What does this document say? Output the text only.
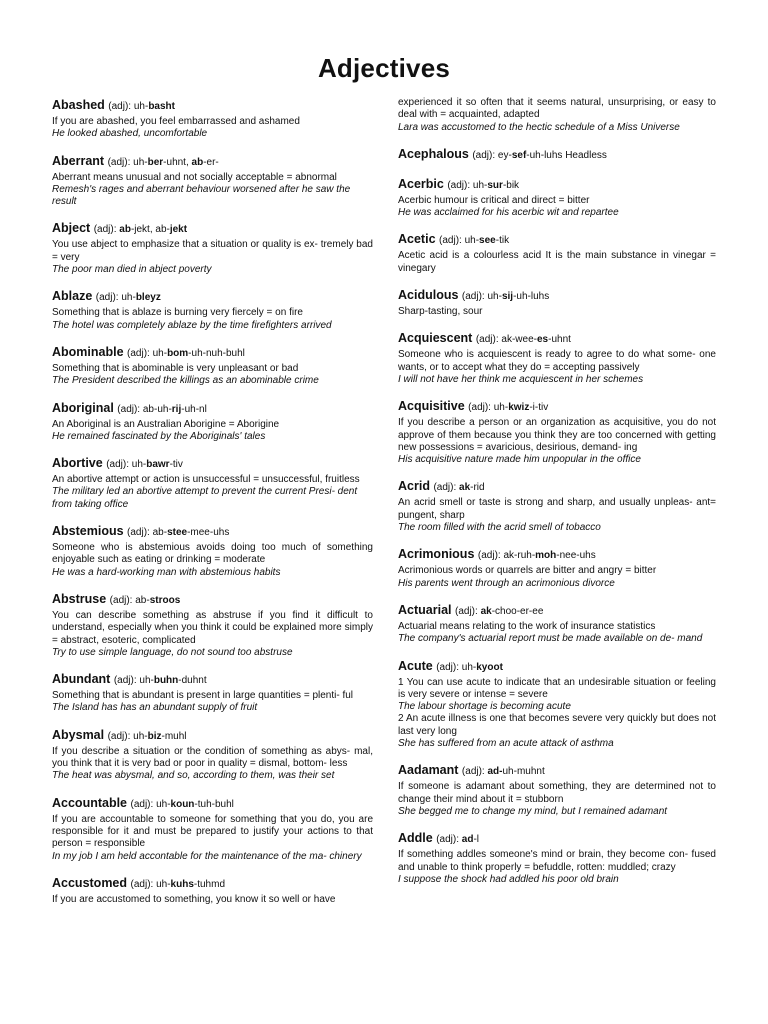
Adjectives
Abashed (adj): uh-basht
If you are abashed, you feel embarrassed and ashamed
He looked abashed, uncomfortable
Aberrant (adj): uh-ber-uhnt, ab-er-
Aberrant means unusual and not socially acceptable = abnormal
Remesh's rages and aberrant behaviour worsened after he saw the result
Abject (adj): ab-jekt, ab-jekt
You use abject to emphasize that a situation or quality is ex- tremely bad = very
The poor man died in abject poverty
Ablaze (adj): uh-bleyz
Something that is ablaze is burning very fiercely = on fire
The hotel was completely ablaze by the time firefighters arrived
Abominable (adj): uh-bom-uh-nuh-buhl
Something that is abominable is very unpleasant or bad
The President described the killings as an abominable crime
Aboriginal (adj): ab-uh-rij-uh-nl
An Aboriginal is an Australian Aborigine = Aborigine
He remained fascinated by the Aboriginals' tales
Abortive (adj): uh-bawr-tiv
An abortive attempt or action is unsuccessful = unsuccessful, fruitless
The military led an abortive attempt to prevent the current Presi- dent from taking office
Abstemious (adj): ab-stee-mee-uhs
Someone who is abstemious avoids doing too much of something enjoyable such as eating or drinking = moderate
He was a hard-working man with abstemious habits
Abstruse (adj): ab-stroos
You can describe something as abstruse if you find it difficult to understand, especially when you think it could be explained more simply = abstract, esoteric, complicated
Try to use simple language, do not sound too abstruse
Abundant (adj): uh-buhn-duhnt
Something that is abundant is present in large quantities = plenti- ful
The Island has has an abundant supply of fruit
Abysmal (adj): uh-biz-muhl
If you describe a situation or the condition of something as abys- mal, you think that it is very bad or poor in quality = dismal, bottom- less
The heat was abysmal, and so, according to them, was their set
Accountable (adj): uh-koun-tuh-buhl
If you are accountable to someone for something that you do, you are responsible for it and must be prepared to justify your actions to that person = responsible
In my job I am held accontable for the maintenance of the ma- chinery
Accustomed (adj): uh-kuhs-tuhmd
If you are accustomed to something, you know it so well or have
experienced it so often that it seems natural, unsurprising, or easy to deal with = acquainted, adapted
Lara was accustomed to the hectic schedule of a Miss Universe
Acephalous (adj): ey-sef-uh-luhs Headless
Acerbic (adj): uh-sur-bik
Acerbic humour is critical and direct = bitter
He was acclaimed for his acerbic wit and repartee
Acetic (adj): uh-see-tik
Acetic acid is a colourless acid It is the main substance in vinegar = vinegary
Acidulous (adj): uh-sij-uh-luhs
Sharp-tasting, sour
Acquiescent (adj): ak-wee-es-uhnt
Someone who is acquiescent is ready to agree to do what some- one wants, or to accept what they do = accepting passively
I will not have her think me acquiescent in her schemes
Acquisitive (adj): uh-kwiz-i-tiv
If you describe a person or an organization as acquisitive, you do not approve of them because you think they are too concerned with getting new possessions = avaricious, desirious, demand- ing
His acquisitive nature made him unpopular in the office
Acrid (adj): ak-rid
An acrid smell or taste is strong and sharp, and usually unpleas- ant= pungent, sharp
The room filled with the acrid smell of tobacco
Acrimonious (adj): ak-ruh-moh-nee-uhs
Acrimonious words or quarrels are bitter and angry = bitter
His parents went through an acrimonious divorce
Actuarial (adj): ak-choo-er-ee
Actuarial means relating to the work of insurance statistics
The company's actuarial report must be made available on de- mand
Acute (adj): uh-kyoot
1 You can use acute to indicate that an undesirable situation or feeling is very severe or intense = severe
The labour shortage is becoming acute
2 An acute illness is one that becomes severe very quickly but does not last very long
She has suffered from an acute attack of asthma
Aadamant (adj): ad-uh-muhnt
If someone is adamant about something, they are determined not to change their mind about it = stubborn
She begged me to change my mind, but I remained adamant
Addle (adj): ad-l
If something addles someone's mind or brain, they become con- fused and unable to think properly = befuddle, rotten: muddled; crazy
I suppose the shock had addled his poor old brain
